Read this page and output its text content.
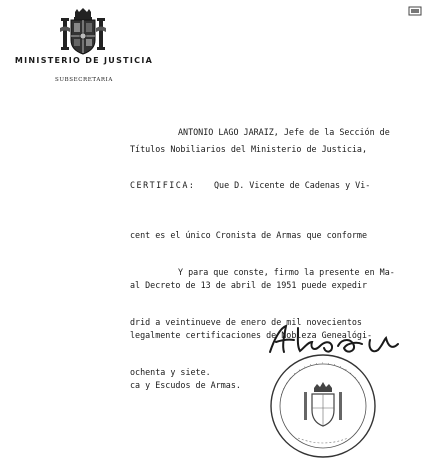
MINISTERIO DE JUSTICIA
SUBSECRETARIA
ANTONIO LAGO JARAIZ, Jefe de la Sección de
Títulos Nobiliarios del Ministerio de Justicia,
CERTIFICA: Que D. Vicente de Cadenas y Vi-

cent es el único Cronista de Armas que conforme

al Decreto de 13 de abril de 1951 puede expedir

legalmente certificaciones de Nobleza Genealógi-

ca y Escudos de Armas.

Y para que conste, firmo la presente en Ma-

drid a veintinueve de enero de mil novecientos

ochenta y siete.

· · · · · · · · · · · · · · · · ·
